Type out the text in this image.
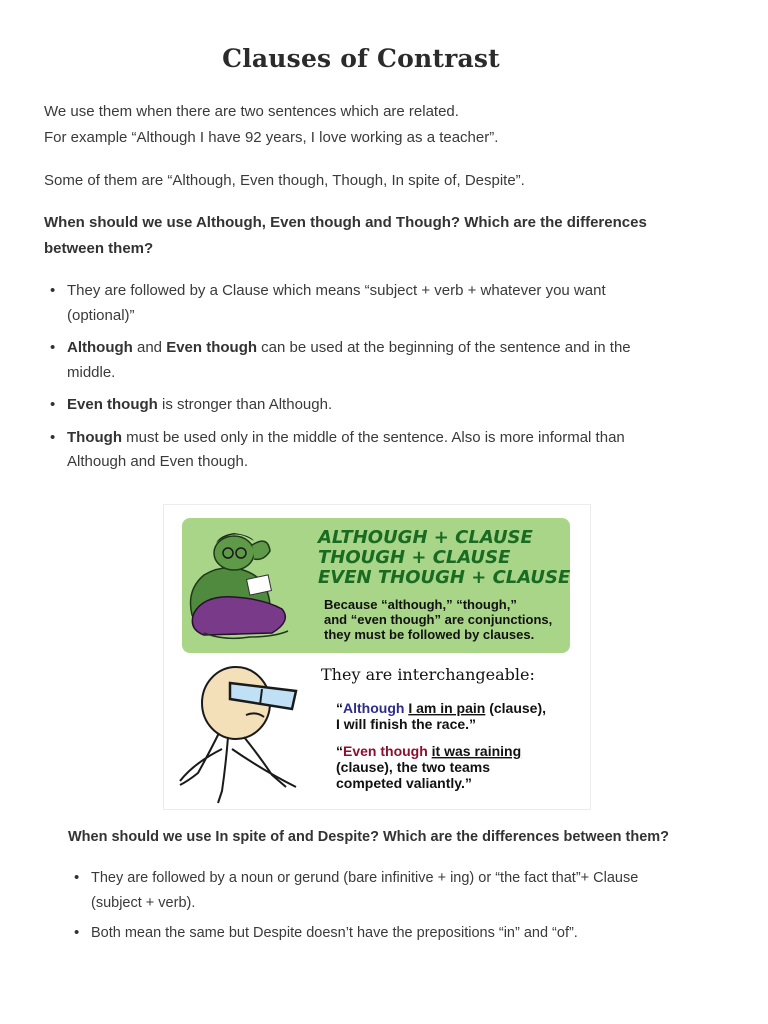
Clauses of Contrast
We use them when there are two sentences which are related.
For example “Although I have 92 years, I love working as a teacher”.
Some of them are “Although, Even though, Though, In spite of, Despite”.
When should we use Although, Even though and Though? Which are the differences between them?
• They are followed by a Clause which means “subject + verb + whatever you want (optional)”
• Although and Even though can be used at the beginning of the sentence and in the middle.
• Even though is stronger than Although.
• Though must be used only in the middle of the sentence. Also is more informal than Although and Even though.
ALTHOUGH + CLAUSE
THOUGH + CLAUSE
EVEN THOUGH + CLAUSE
Because “although,” “though,”
and “even though” are conjunctions,
they must be followed by clauses.
They are interchangeable:
“Although I am in pain (clause),
I will finish the race.”
“Even though it was raining
(clause), the two teams
competed valiantly.”
When should we use In spite of and Despite? Which are the differences between them?
• They are followed by a noun or gerund (bare infinitive + ing) or “the fact that”+ Clause (subject + verb).
• Both mean the same but Despite doesn’t have the prepositions “in” and “of”.
